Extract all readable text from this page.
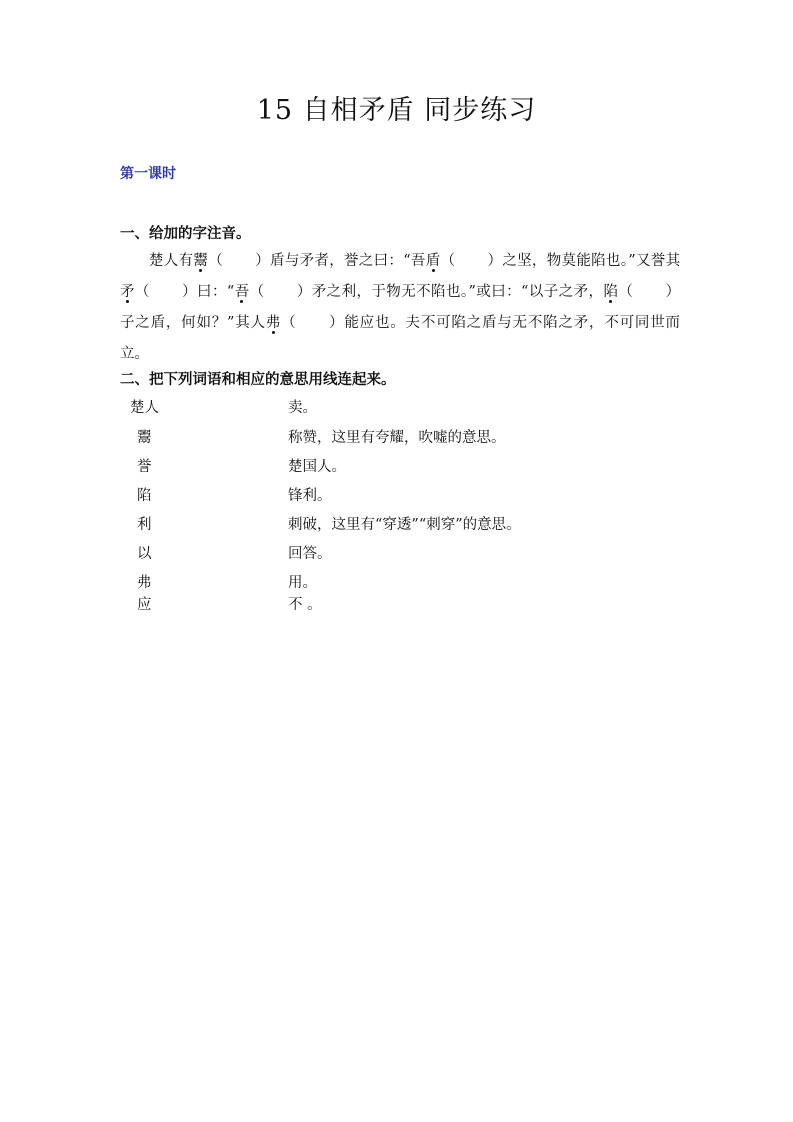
15 自相矛盾 同步练习
第一课时
一、给加的字注音。

楚人有鬻（ ）盾与矛者，誉之曰：“吾盾（ ）之坚，物莫能陷也。”又誉其矛（ ）曰：“吾（ ）矛之利，于物无不陷也。”或曰：“以子之矛，陷（ ）子之盾，何如？”其人弗（ ）能应也。夫不可陷之盾与无不陷之矛，不可同世而立。

二、把下列词语和相应的意思用线连起来。
楚人	卖。
鬻	称赞，这里有夸耀，吹嘘的意思。
誉	楚国人。
陷	锋利。
利	刺破，这里有“穿透”“刺穿”的意思。
以	回答。
弗	用。
应	不 。
